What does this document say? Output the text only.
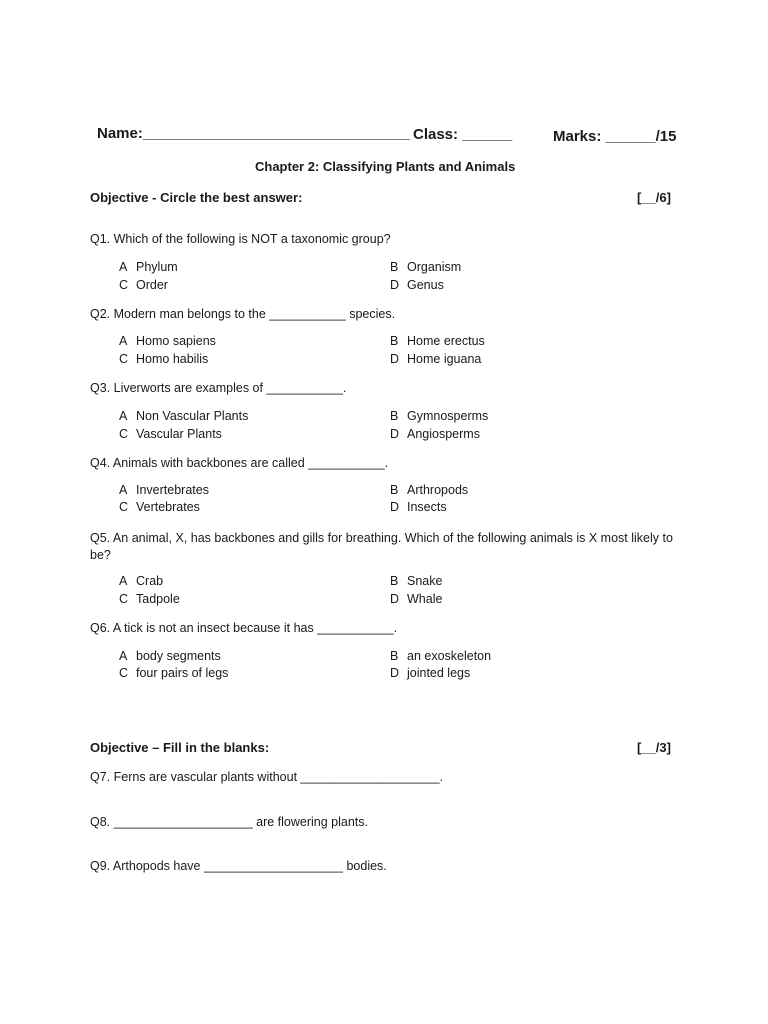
Name:________________________________ Class: ______	Marks: ______/15
Chapter 2: Classifying Plants and Animals
Objective - Circle the best answer:	[__/6]
Q1. Which of the following is NOT a taxonomic group?
A Phylum	B Organism
C Order	D Genus
Q2. Modern man belongs to the ___________ species.
A Homo sapiens	B Home erectus
C Homo habilis	D Home iguana
Q3. Liverworts are examples of ___________.
A Non Vascular Plants	B Gymnosperms
C Vascular Plants	D Angiosperms
Q4. Animals with backbones are called ___________.
A Invertebrates	B Arthropods
C Vertebrates	D Insects
Q5. An animal, X, has backbones and gills for breathing. Which of the following animals is X most likely to be?
A Crab	B Snake
C Tadpole	D Whale
Q6. A tick is not an insect because it has ___________.
A body segments	B an exoskeleton
C four pairs of legs	D jointed legs
Objective – Fill in the blanks:	[__/3]
Q7. Ferns are vascular plants without ____________________.
Q8. ____________________ are flowering plants.
Q9. Arthopods have ____________________ bodies.
